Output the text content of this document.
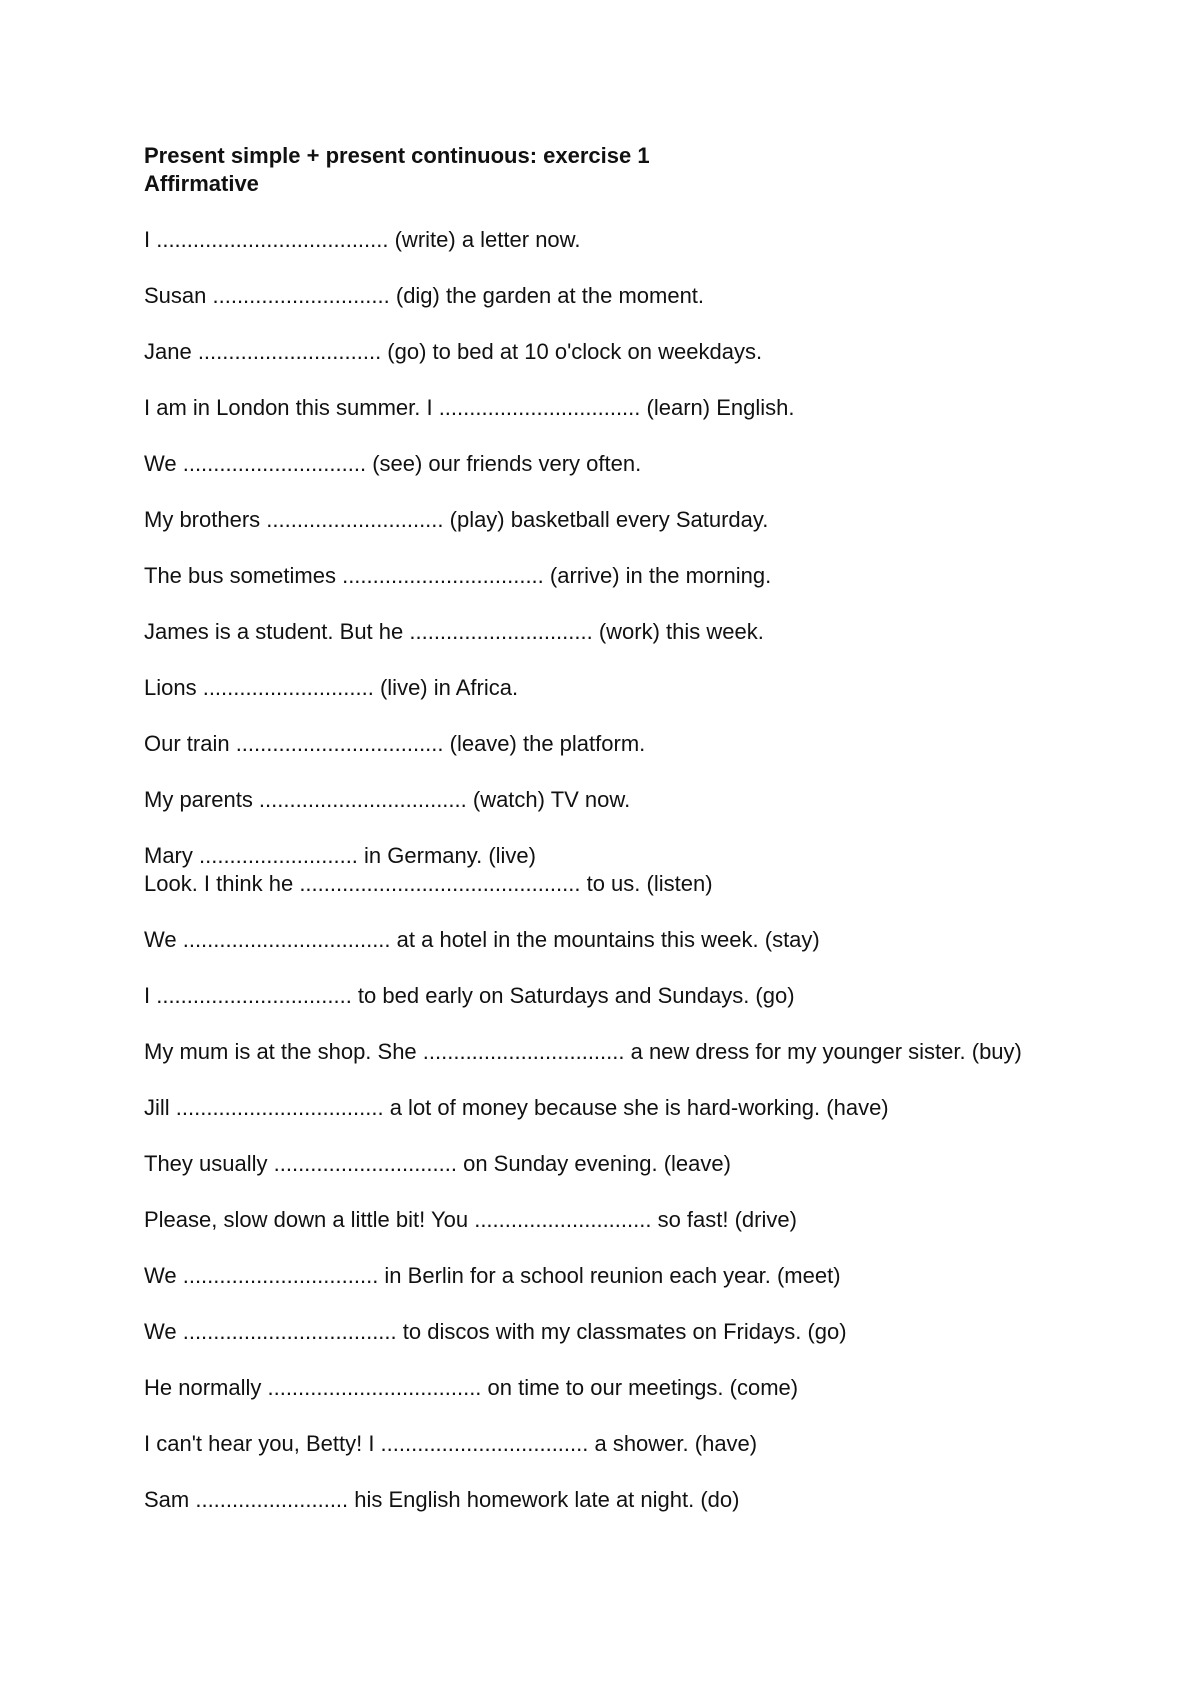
Present simple + present continuous: exercise 1

Affirmative

I ...................................... (write) a letter now.

Susan ............................. (dig) the garden at the moment.

Jane .............................. (go) to bed at 10 o'clock on weekdays.

I am in London this summer. I ................................. (learn) English.

We .............................. (see) our friends very often.

My brothers ............................. (play) basketball every Saturday.

The bus sometimes ................................. (arrive) in the morning.

James is a student. But he .............................. (work) this week.

Lions ............................ (live) in Africa.

Our train .................................. (leave) the platform.

My parents .................................. (watch) TV now.

Mary .......................... in Germany. (live)

Look. I think he .............................................. to us. (listen)

We .................................. at a hotel in the mountains this week. (stay)

I ................................ to bed early on Saturdays and Sundays. (go)

My mum is at the shop. She ................................. a new dress for my younger sister. (buy)

Jill .................................. a lot of money because she is hard-working. (have)

They usually .............................. on Sunday evening. (leave)

Please, slow down a little bit! You ............................. so fast! (drive)

We ................................ in Berlin for a school reunion each year. (meet)

We ................................... to discos with my classmates on Fridays. (go)

He normally ................................... on time to our meetings. (come)

I can't hear you, Betty! I .................................. a shower. (have)

Sam ......................... his English homework late at night. (do)
